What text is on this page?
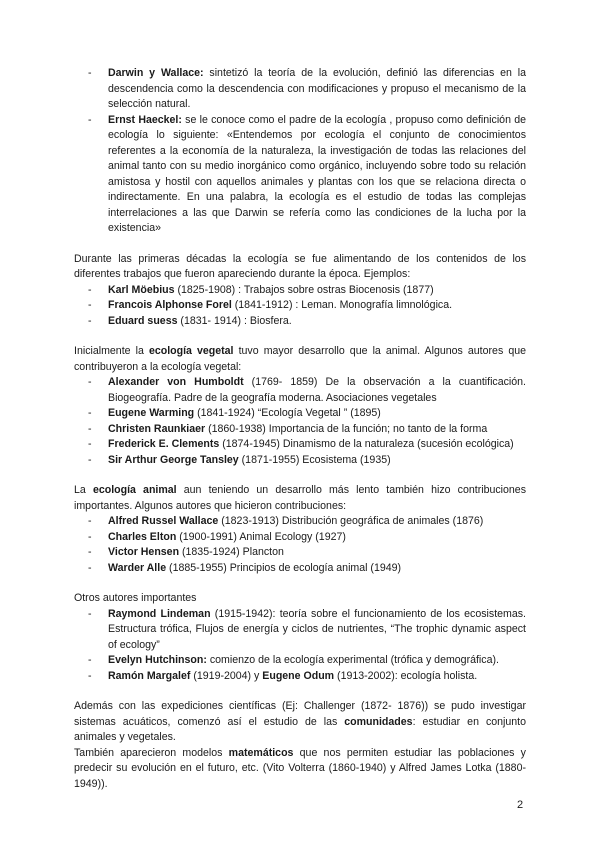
- Darwin y Wallace: sintetizó la teoría de la evolución, definió las diferencias en la descendencia como la descendencia con modificaciones y propuso el mecanismo de la selección natural.
- Ernst Haeckel: se le conoce como el padre de la ecología , propuso como definición de ecología lo siguiente: «Entendemos por ecología el conjunto de conocimientos referentes a la economía de la naturaleza, la investigación de todas las relaciones del animal tanto con su medio inorgánico como orgánico, incluyendo sobre todo su relación amistosa y hostil con aquellos animales y plantas con los que se relaciona directa o indirectamente. En una palabra, la ecología es el estudio de todas las complejas interrelaciones a las que Darwin se refería como las condiciones de la lucha por la existencia»

Durante las primeras décadas la ecología se fue alimentando de los contenidos de los diferentes trabajos que fueron apareciendo durante la época. Ejemplos:

- Karl Möebius (1825-1908) : Trabajos sobre ostras Biocenosis (1877)
- Francois Alphonse Forel (1841-1912) : Leman. Monografía limnológica.
- Eduard suess (1831- 1914) : Biosfera.

Inicialmente la ecología vegetal tuvo mayor desarrollo que la animal. Algunos autores que contribuyeron a la ecología vegetal:

- Alexander von Humboldt (1769- 1859) De la observación a la cuantificación. Biogeografía. Padre de la geografía moderna. Asociaciones vegetales
- Eugene Warming (1841-1924) “Ecología Vegetal ” (1895)
- Christen Raunkiaer (1860-1938) Importancia de la función; no tanto de la forma
- Frederick E. Clements (1874-1945) Dinamismo de la naturaleza (sucesión ecológica)
- Sir Arthur George Tansley (1871-1955) Ecosistema (1935)

La ecología animal aun teniendo un desarrollo más lento también hizo contribuciones importantes. Algunos autores que hicieron contribuciones:

- Alfred Russel Wallace (1823-1913) Distribución geográfica de animales (1876)
- Charles Elton (1900-1991) Animal Ecology (1927)
- Victor Hensen (1835-1924) Plancton
- Warder Alle (1885-1955) Principios de ecología animal (1949)

Otros autores importantes

- Raymond Lindeman (1915-1942): teoría sobre el funcionamiento de los ecosistemas. Estructura trófica, Flujos de energía y ciclos de nutrientes, “The trophic dynamic aspect of ecology”
- Evelyn Hutchinson: comienzo de la ecología experimental (trófica y demográfica).
- Ramón Margalef (1919-2004) y Eugene Odum (1913-2002): ecología holista.

Además con las expediciones científicas (Ej: Challenger (1872- 1876)) se pudo investigar sistemas acuáticos, comenzó así el estudio de las comunidades: estudiar en conjunto animales y vegetales.

También aparecieron modelos matemáticos que nos permiten estudiar las poblaciones y predecir su evolución en el futuro, etc. (Vito Volterra (1860-1940) y Alfred James Lotka (1880-1949)).

2
